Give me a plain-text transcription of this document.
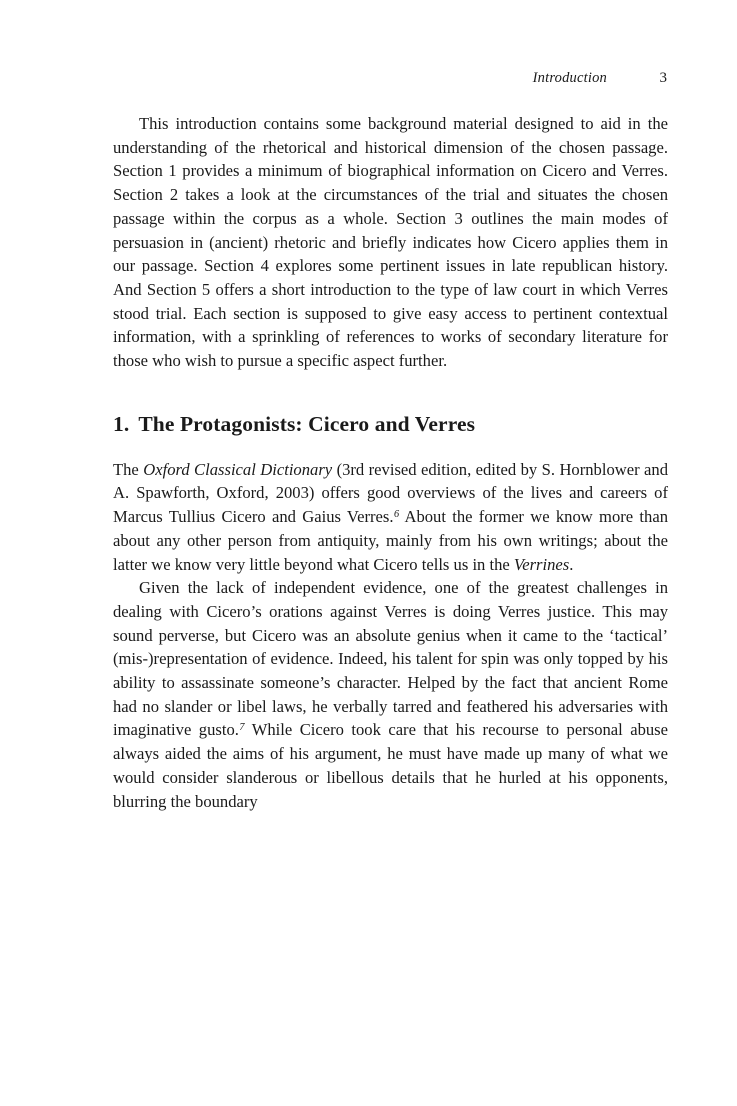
Introduction	3

This introduction contains some background material designed to aid in the understanding of the rhetorical and historical dimension of the chosen passage. Section 1 provides a minimum of biographical information on Cicero and Verres. Section 2 takes a look at the circumstances of the trial and situates the chosen passage within the corpus as a whole. Section 3 outlines the main modes of persuasion in (ancient) rhetoric and briefly indicates how Cicero applies them in our passage. Section 4 explores some pertinent issues in late republican history. And Section 5 offers a short introduction to the type of law court in which Verres stood trial. Each section is supposed to give easy access to pertinent contextual information, with a sprinkling of references to works of secondary literature for those who wish to pursue a specific aspect further.

1. The Protagonists: Cicero and Verres

The Oxford Classical Dictionary (3rd revised edition, edited by S. Hornblower and A. Spawforth, Oxford, 2003) offers good overviews of the lives and careers of Marcus Tullius Cicero and Gaius Verres.$^6$ About the former we know more than about any other person from antiquity, mainly from his own writings; about the latter we know very little beyond what Cicero tells us in the Verrines.

Given the lack of independent evidence, one of the greatest challenges in dealing with Cicero’s orations against Verres is doing Verres justice. This may sound perverse, but Cicero was an absolute genius when it came to the ‘tactical’ (mis-)representation of evidence. Indeed, his talent for spin was only topped by his ability to assassinate someone’s character. Helped by the fact that ancient Rome had no slander or libel laws, he verbally tarred and feathered his adversaries with imaginative gusto.$^7$ While Cicero took care that his recourse to personal abuse always aided the aims of his argument, he must have made up many of what we would consider slanderous or libellous details that he hurled at his opponents, blurring the boundary
